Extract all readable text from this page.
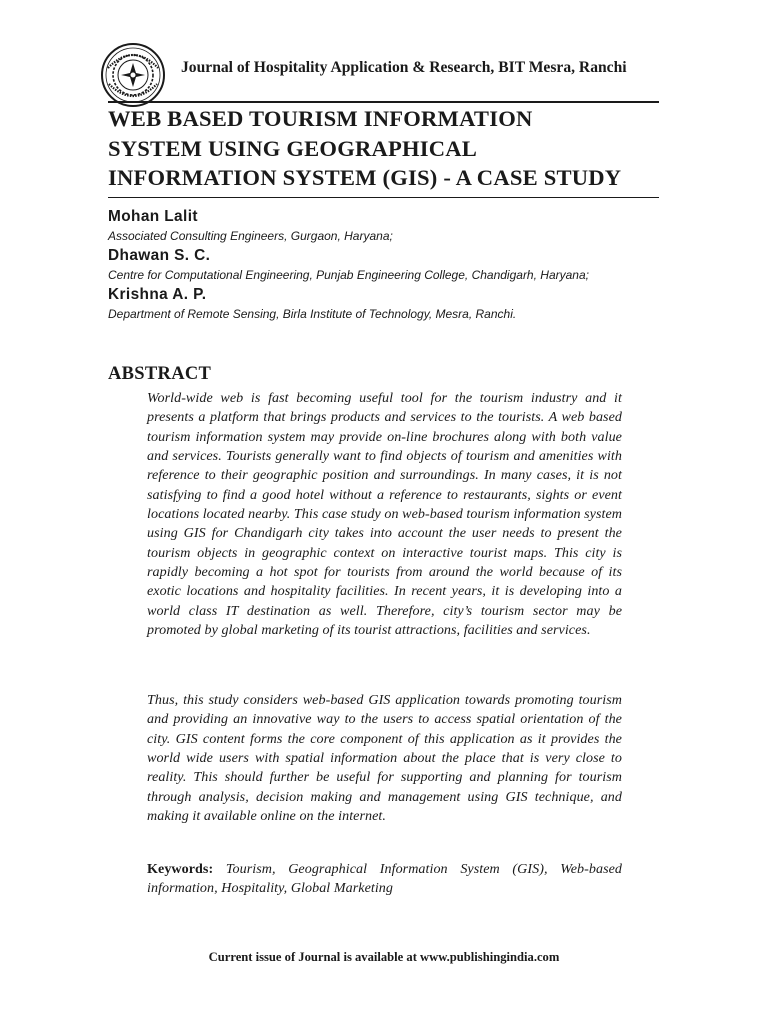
Journal of Hospitality Application & Research, BIT Mesra, Ranchi
WEB BASED TOURISM INFORMATION
SYSTEM USING GEOGRAPHICAL
INFORMATION SYSTEM (GIS) - A CASE STUDY
Mohan Lalit
Associated Consulting Engineers, Gurgaon, Haryana;
Dhawan S. C.
Centre for Computational Engineering, Punjab Engineering College, Chandigarh, Haryana;
Krishna A. P.
Department of Remote Sensing, Birla Institute of Technology, Mesra, Ranchi.
ABSTRACT

World-wide web is fast becoming useful tool for the tourism industry and it presents a platform that brings products and services to the tourists. A web based tourism information system may provide on-line brochures along with both value and services. Tourists generally want to find objects of tourism and amenities with reference to their geographic position and surroundings. In many cases, it is not satisfying to find a good hotel without a reference to restaurants, sights or event locations located nearby. This case study on web-based tourism information system using GIS for Chandigarh city takes into account the user needs to present the tourism objects in geographic context on interactive tourist maps. This city is rapidly becoming a hot spot for tourists from around the world because of its exotic locations and hospitality facilities. In recent years, it is developing into a world class IT destination as well. Therefore, city’s tourism sector may be promoted by global marketing of its tourist attractions, facilities and services.

Thus, this study considers web-based GIS application towards promoting tourism and providing an innovative way to the users to access spatial orientation of the city. GIS content forms the core component of this application as it provides the world wide users with spatial information about the place that is very close to reality. This should further be useful for supporting and planning for tourism through analysis, decision making and management using GIS technique, and making it available online on the internet.

Keywords: Tourism, Geographical Information System (GIS), Web-based information, Hospitality, Global Marketing

Current issue of Journal is available at www.publishingindia.com
